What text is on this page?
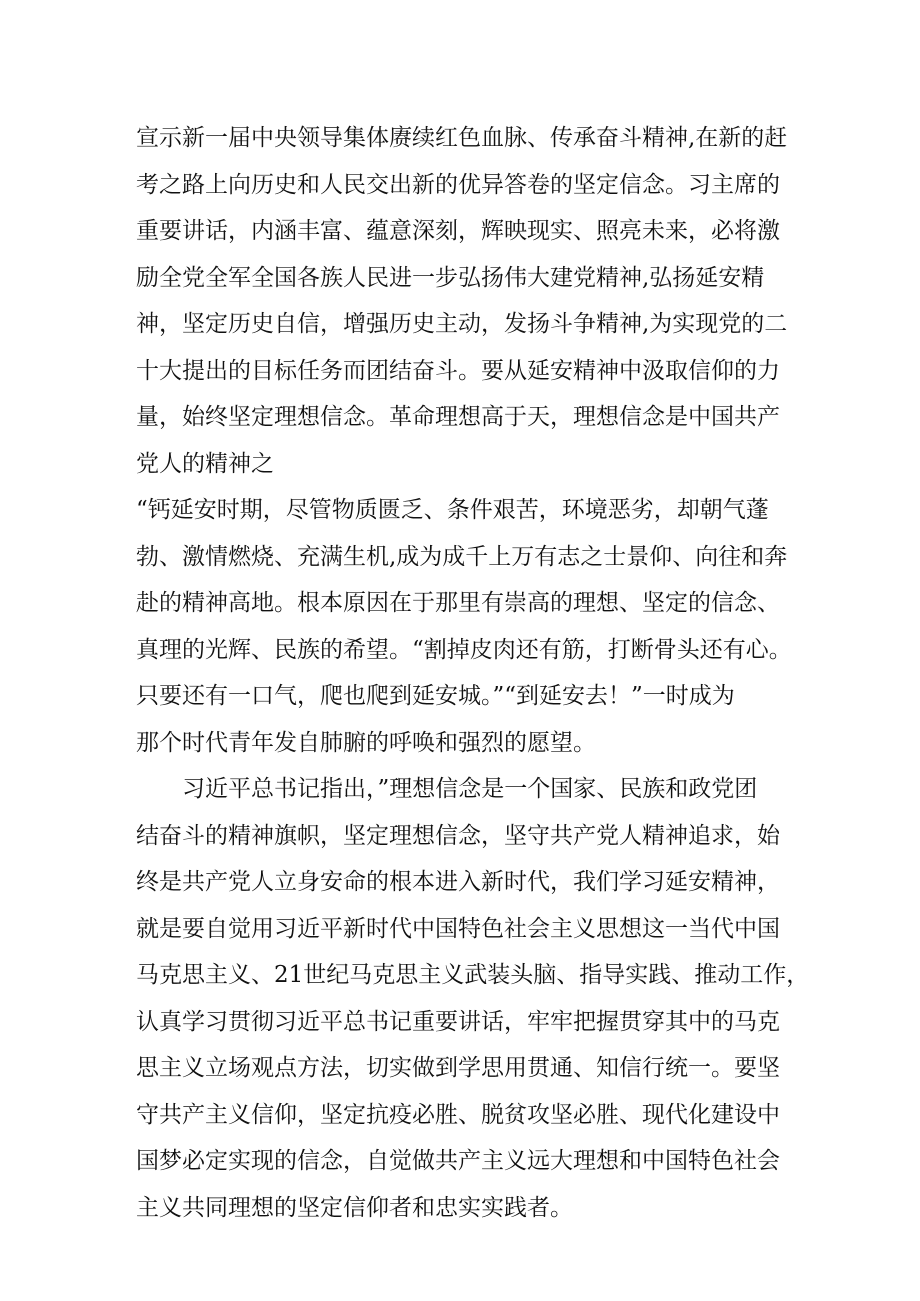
宣示新一届中央领导集体赓续红色血脉、传承奋斗精神,在新的赶
考之路上向历史和人民交出新的优异答卷的坚定信念。习主席的
重要讲话，内涵丰富、蕴意深刻，辉映现实、照亮未来，必将激
励全党全军全国各族人民进一步弘扬伟大建党精神,弘扬延安精
神，坚定历史自信，增强历史主动，发扬斗争精神,为实现党的二
十大提出的目标任务而团结奋斗。要从延安精神中汲取信仰的力
量，始终坚定理想信念。革命理想高于天，理想信念是中国共产
党人的精神之
“钙延安时期，尽管物质匮乏、条件艰苦，环境恶劣，却朝气蓬
勃、激情燃烧、充满生机,成为成千上万有志之士景仰、向往和奔
赴的精神高地。根本原因在于那里有崇高的理想、坚定的信念、
真理的光辉、民族的希望。“割掉皮肉还有筋，打断骨头还有心。
只要还有一口气，爬也爬到延安城。”“到延安去！”一时成为
那个时代青年发自肺腑的呼唤和强烈的愿望。
习近平总书记指出，”理想信念是一个国家、民族和政党团
结奋斗的精神旗帜，坚定理想信念，坚守共产党人精神追求，始
终是共产党人立身安命的根本进入新时代，我们学习延安精神，
就是要自觉用习近平新时代中国特色社会主义思想这一当代中国
马克思主义、21世纪马克思主义武装头脑、指导实践、推动工作，
认真学习贯彻习近平总书记重要讲话，牢牢把握贯穿其中的马克
思主义立场观点方法，切实做到学思用贯通、知信行统一。要坚
守共产主义信仰，坚定抗疫必胜、脱贫攻坚必胜、现代化建设中
国梦必定实现的信念，自觉做共产主义远大理想和中国特色社会
主义共同理想的坚定信仰者和忠实实践者。
